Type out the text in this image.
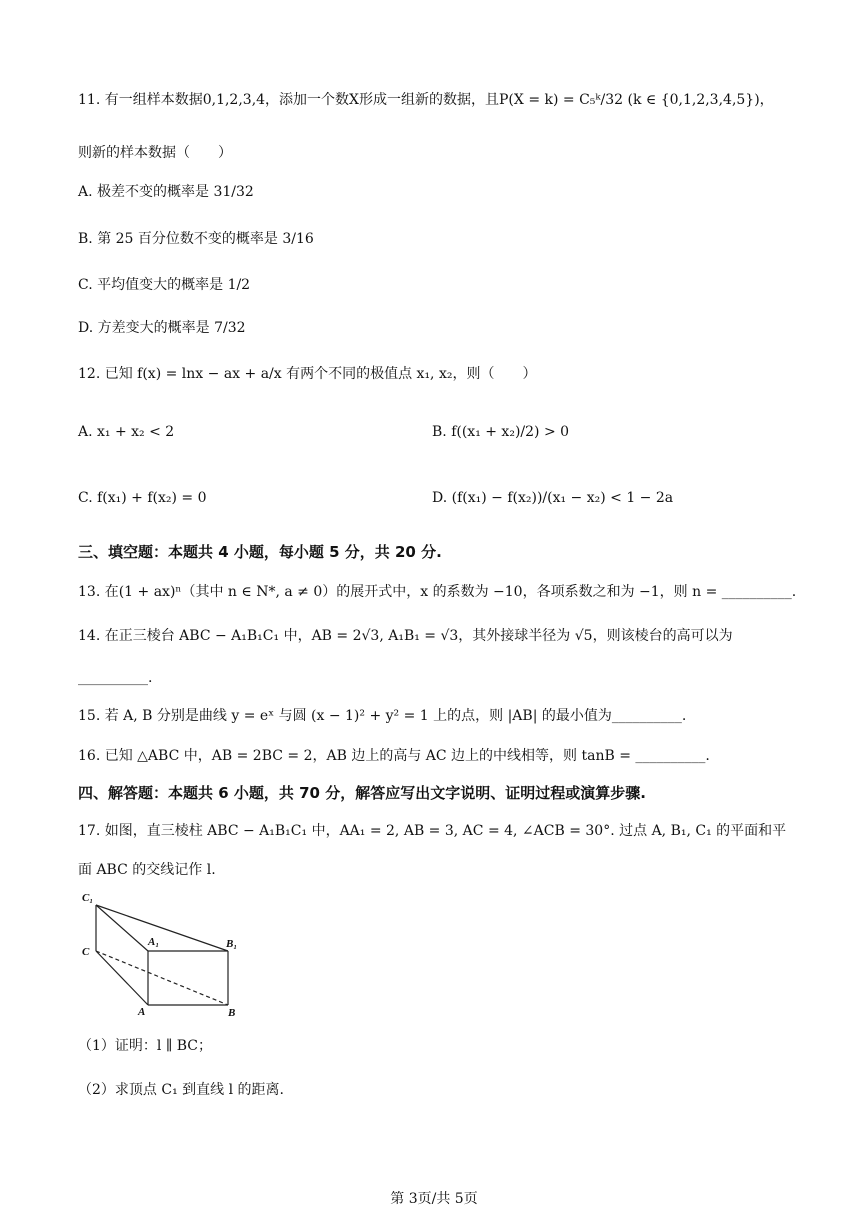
11. 有一组样本数据0,1,2,3,4，添加一个数X形成一组新的数据，且P(X = k) = C₅ᵏ/32 (k ∈ {0,1,2,3,4,5})，
则新的样本数据（　　）
A. 极差不变的概率是 31/32
B. 第 25 百分位数不变的概率是 3/16
C. 平均值变大的概率是 1/2
D. 方差变大的概率是 7/32
12. 已知 f(x) = lnx − ax + a/x 有两个不同的极值点 x₁, x₂，则（　　）
A. x₁ + x₂ < 2	B. f((x₁ + x₂)/2) > 0
C. f(x₁) + f(x₂) = 0	D. (f(x₁) − f(x₂))/(x₁ − x₂) < 1 − 2a
三、填空题：本题共 4 小题，每小题 5 分，共 20 分.
13. 在(1 + ax)ⁿ（其中 n ∈ N*, a ≠ 0）的展开式中，x 的系数为 −10，各项系数之和为 −1，则 n = __________.
14. 在正三棱台 ABC − A₁B₁C₁ 中，AB = 2√3, A₁B₁ = √3，其外接球半径为 √5，则该棱台的高可以为
__________.
15. 若 A, B 分别是曲线 y = eˣ 与圆 (x − 1)² + y² = 1 上的点，则 |AB| 的最小值为__________.
16. 已知 △ABC 中，AB = 2BC = 2，AB 边上的高与 AC 边上的中线相等，则 tanB = __________.
四、解答题：本题共 6 小题，共 70 分，解答应写出文字说明、证明过程或演算步骤.
17. 如图，直三棱柱 ABC − A₁B₁C₁ 中，AA₁ = 2, AB = 3, AC = 4, ∠ACB = 30°. 过点 A, B₁, C₁ 的平面和平
面 ABC 的交线记作 l.
C₁
C
A₁	B₁
A	B
（1）证明：l ∥ BC；
（2）求顶点 C₁ 到直线 l 的距离.
第 3页/共 5页
